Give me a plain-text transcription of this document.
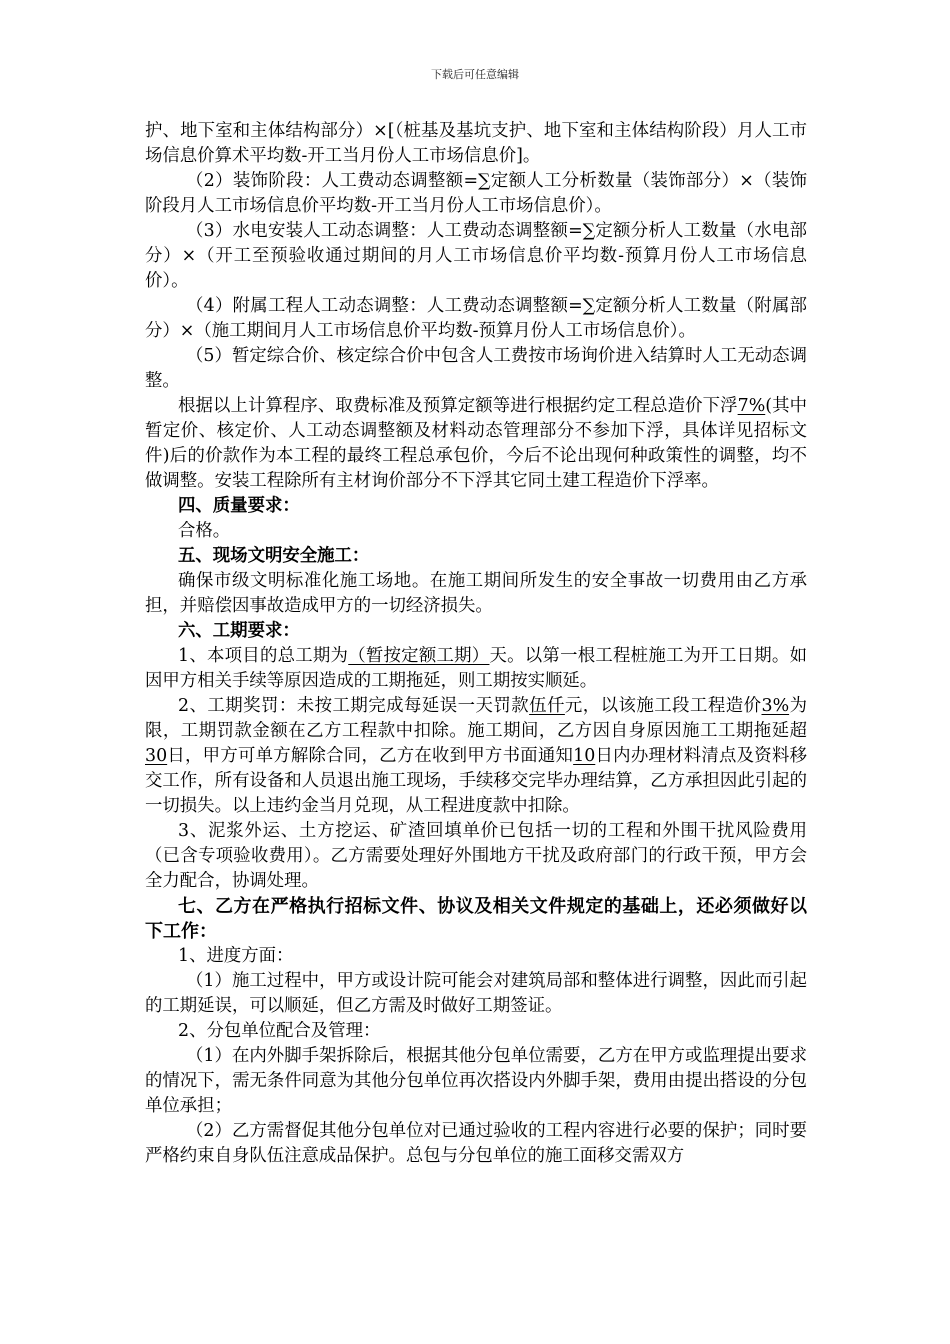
下载后可任意编辑

护、地下室和主体结构部分）×[（桩基及基坑支护、地下室和主体结构阶段）月人工市场信息价算术平均数-开工当月份人工市场信息价]。

（2）装饰阶段：人工费动态调整额=∑定额人工分析数量（装饰部分）×（装饰阶段月人工市场信息价平均数-开工当月份人工市场信息价）。

（3）水电安装人工动态调整：人工费动态调整额=∑定额分析人工数量（水电部分）×（开工至预验收通过期间的月人工市场信息价平均数-预算月份人工市场信息价）。

（4）附属工程人工动态调整：人工费动态调整额=∑定额分析人工数量（附属部分）×（施工期间月人工市场信息价平均数-预算月份人工市场信息价）。

（5）暂定综合价、核定综合价中包含人工费按市场询价进入结算时人工无动态调整。

根据以上计算程序、取费标准及预算定额等进行根据约定工程总造价下浮7%(其中暂定价、核定价、人工动态调整额及材料动态管理部分不参加下浮，具体详见招标文件)后的价款作为本工程的最终工程总承包价，今后不论出现何种政策性的调整，均不做调整。安装工程除所有主材询价部分不下浮其它同土建工程造价下浮率。

四、质量要求：

合格。

五、现场文明安全施工：

确保市级文明标准化施工场地。在施工期间所发生的安全事故一切费用由乙方承担，并赔偿因事故造成甲方的一切经济损失。

六、工期要求：

1、本项目的总工期为（暂按定额工期）天。以第一根工程桩施工为开工日期。如因甲方相关手续等原因造成的工期拖延，则工期按实顺延。

2、工期奖罚：未按工期完成每延误一天罚款伍仟元，以该施工段工程造价3%为限，工期罚款金额在乙方工程款中扣除。施工期间，乙方因自身原因施工工期拖延超30日，甲方可单方解除合同，乙方在收到甲方书面通知10日内办理材料清点及资料移交工作，所有设备和人员退出施工现场，手续移交完毕办理结算，乙方承担因此引起的一切损失。以上违约金当月兑现，从工程进度款中扣除。

3、泥浆外运、土方挖运、矿渣回填单价已包括一切的工程和外围干扰风险费用（已含专项验收费用）。乙方需要处理好外围地方干扰及政府部门的行政干预，甲方会全力配合，协调处理。

七、乙方在严格执行招标文件、协议及相关文件规定的基础上，还必须做好以下工作：

1、进度方面：

（1）施工过程中，甲方或设计院可能会对建筑局部和整体进行调整，因此而引起的工期延误，可以顺延，但乙方需及时做好工期签证。

2、分包单位配合及管理：

（1）在内外脚手架拆除后，根据其他分包单位需要，乙方在甲方或监理提出要求的情况下，需无条件同意为其他分包单位再次搭设内外脚手架，费用由提出搭设的分包单位承担；

（2）乙方需督促其他分包单位对已通过验收的工程内容进行必要的保护；同时要严格约束自身队伍注意成品保护。总包与分包单位的施工面移交需双方
